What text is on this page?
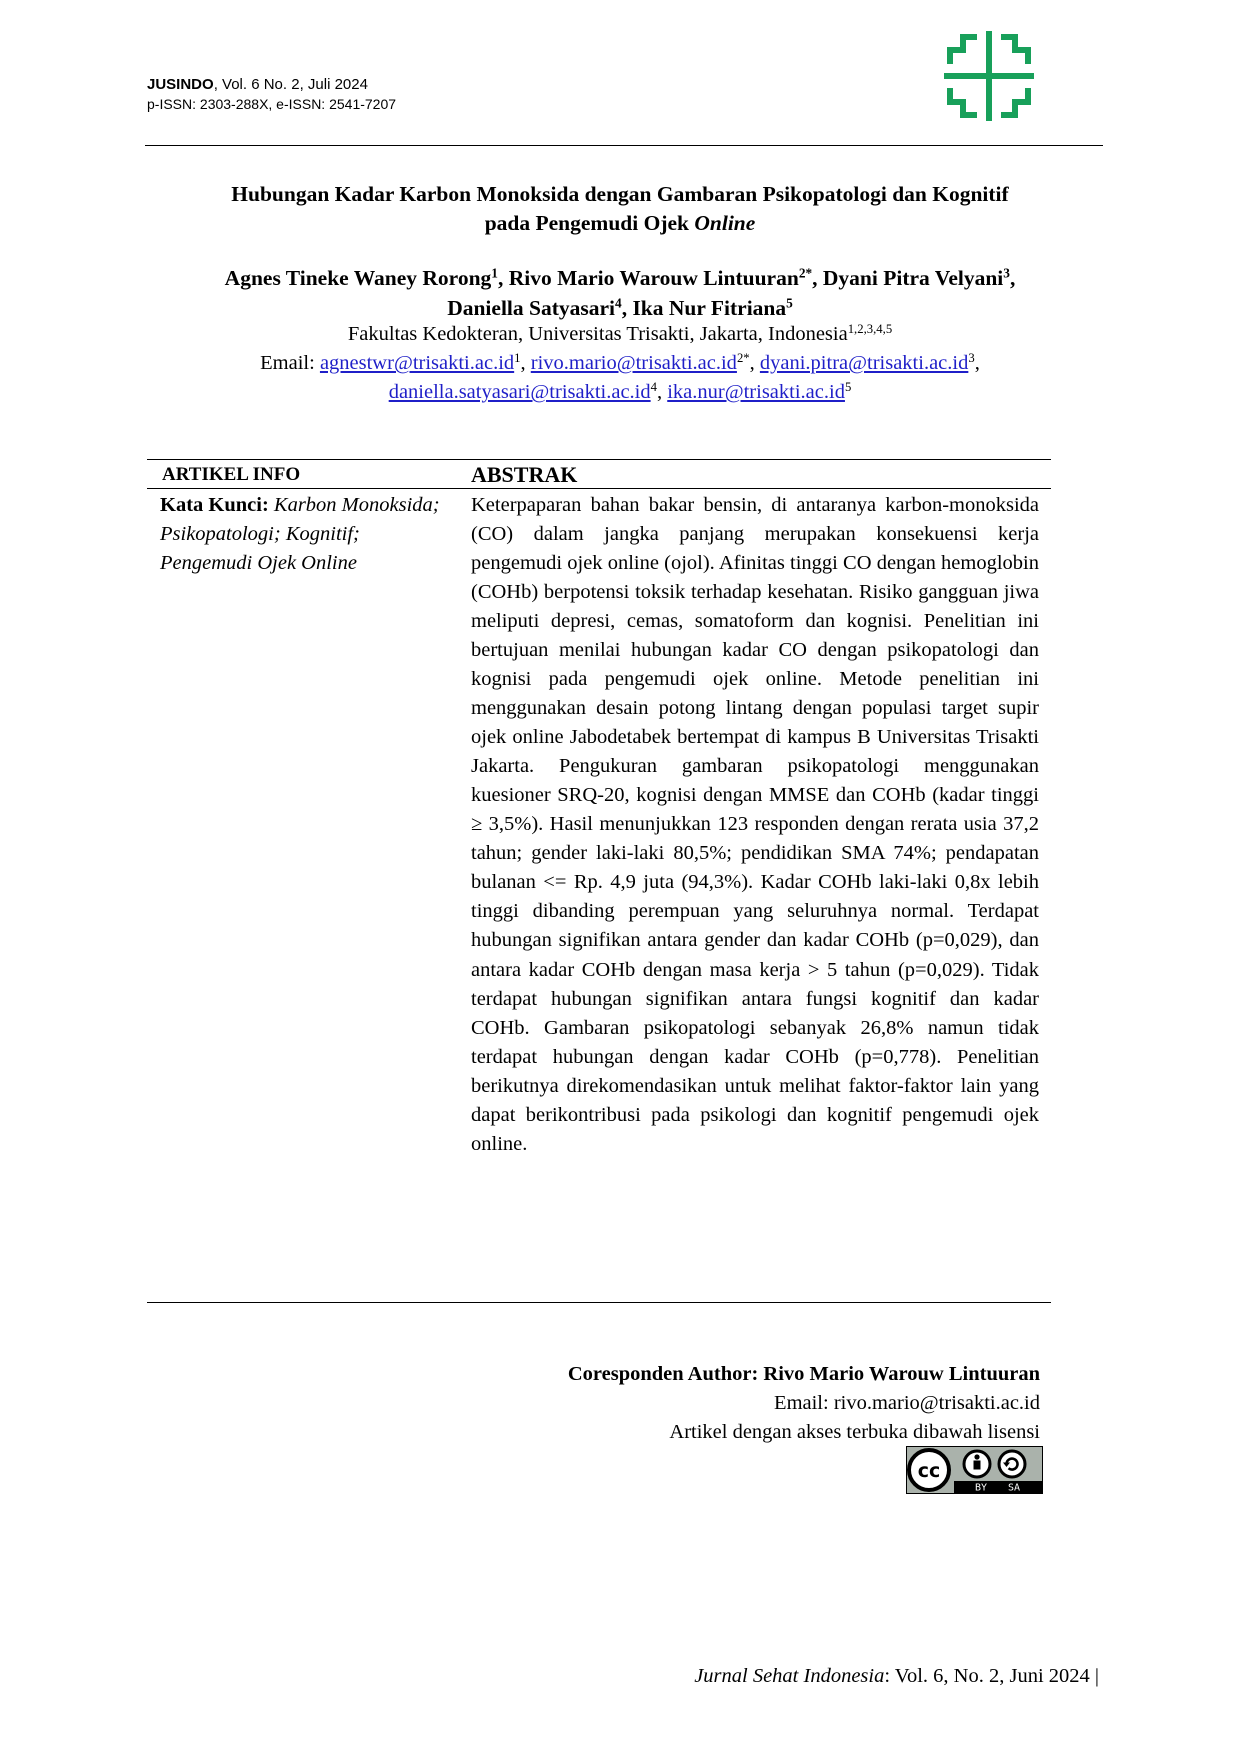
JUSINDO, Vol. 6 No. 2, Juli 2024
p-ISSN: 2303-288X, e-ISSN: 2541-7207
Hubungan Kadar Karbon Monoksida dengan Gambaran Psikopatologi dan Kognitif
pada Pengemudi Ojek Online
Agnes Tineke Waney Rorong$^1$, Rivo Mario Warouw Lintuuran$^{2*}$, Dyani Pitra Velyani$^3$,
Daniella Satyasari$^4$, Ika Nur Fitriana$^5$
Fakultas Kedokteran, Universitas Trisakti, Jakarta, Indonesia$^{1,2,3,4,5}$
Email: $agnestwr@trisakti.ac.id^1$, $rivo.mario@trisakti.ac.id^{2*}$, $dyani.pitra@trisakti.ac.id^3$,
$daniella.satyasari@trisakti.ac.id^4$, $ika.nur@trisakti.ac.id^5$
ARTIKEL INFO	ABSTRAK
Kata Kunci: Karbon Monoksida; Psikopatologi; Kognitif; Pengemudi Ojek Online
Keterpaparan bahan bakar bensin, di antaranya karbon-monoksida (CO) dalam jangka panjang merupakan konsekuensi kerja pengemudi ojek online (ojol). Afinitas tinggi CO dengan hemoglobin (COHb) berpotensi toksik terhadap kesehatan. Risiko gangguan jiwa meliputi depresi, cemas, somatoform dan kognisi. Penelitian ini bertujuan menilai hubungan kadar CO dengan psikopatologi dan kognisi pada pengemudi ojek online. Metode penelitian ini menggunakan desain potong lintang dengan populasi target supir ojek online Jabodetabek bertempat di kampus B Universitas Trisakti Jakarta. Pengukuran gambaran psikopatologi menggunakan kuesioner SRQ-20, kognisi dengan MMSE dan COHb (kadar tinggi ≥ 3,5%). Hasil menunjukkan 123 responden dengan rerata usia 37,2 tahun; gender laki-laki 80,5%; pendidikan SMA 74%; pendapatan bulanan <= Rp. 4,9 juta (94,3%). Kadar COHb laki-laki 0,8x lebih tinggi dibanding perempuan yang seluruhnya normal. Terdapat hubungan signifikan antara gender dan kadar COHb (p=0,029), dan antara kadar COHb dengan masa kerja > 5 tahun (p=0,029). Tidak terdapat hubungan signifikan antara fungsi kognitif dan kadar COHb. Gambaran psikopatologi sebanyak 26,8% namun tidak terdapat hubungan dengan kadar COHb (p=0,778). Penelitian berikutnya direkomendasikan untuk melihat faktor-faktor lain yang dapat berikontribusi pada psikologi dan kognitif pengemudi ojek online.
Coresponden Author: Rivo Mario Warouw Lintuuran
Email: rivo.mario@trisakti.ac.id
Artikel dengan akses terbuka dibawah lisensi
cc
BY SA
Jurnal Sehat Indonesia: Vol. 6, No. 2, Juni 2024 |
